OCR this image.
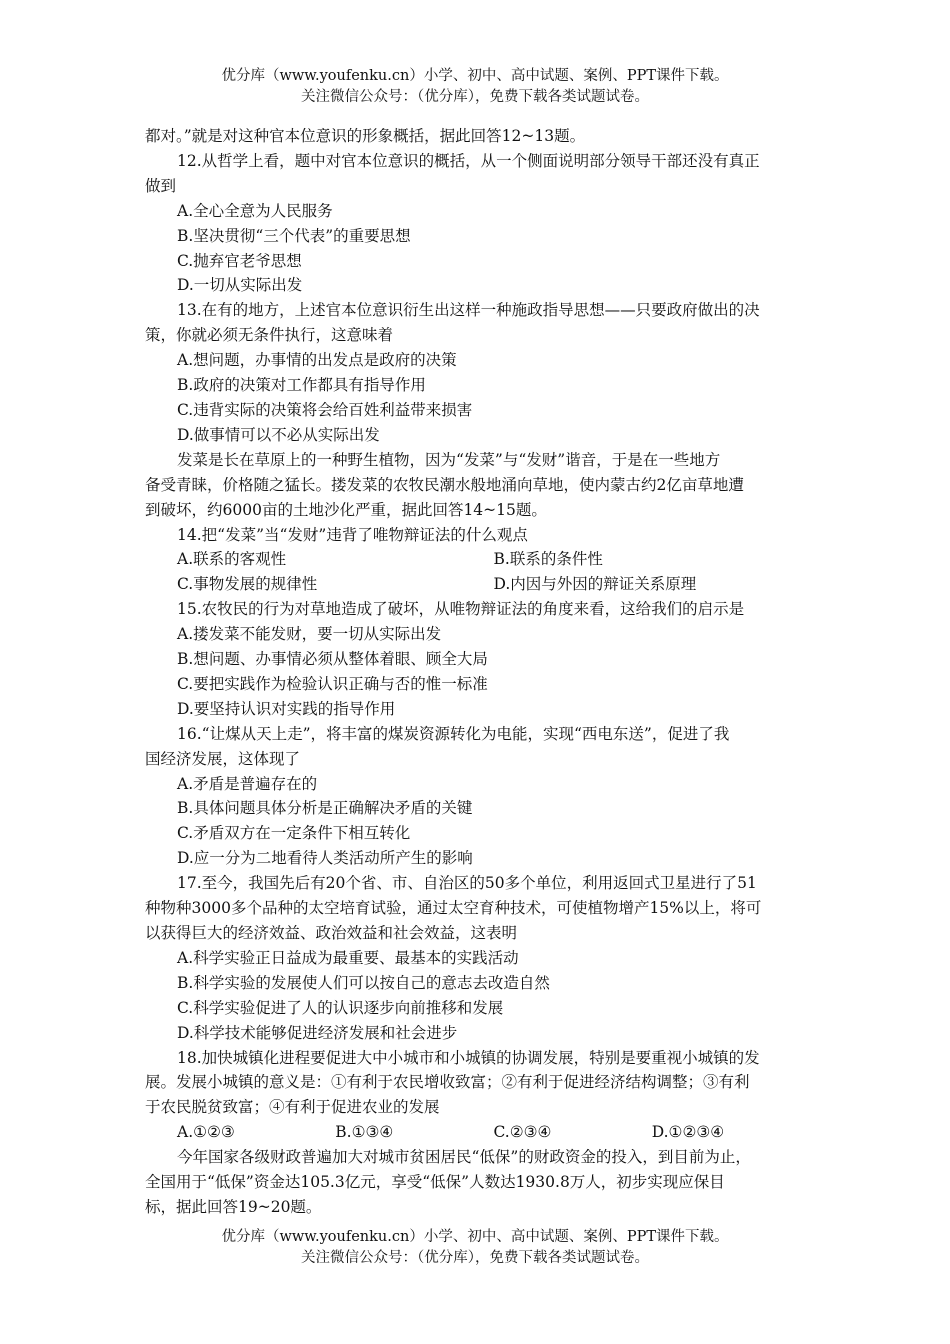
优分库（www.youfenku.cn）小学、初中、高中试题、案例、PPT课件下载。
关注微信公众号：（优分库），免费下载各类试题试卷。

都对。”就是对这种官本位意识的形象概括，据此回答12~13题。

12.从哲学上看，题中对官本位意识的概括，从一个侧面说明部分领导干部还没有真正

做到

A.全心全意为人民服务

B.坚决贯彻“三个代表”的重要思想

C.抛弃官老爷思想

D.一切从实际出发

13.在有的地方，上述官本位意识衍生出这样一种施政指导思想——只要政府做出的决

策，你就必须无条件执行，这意味着

A.想问题，办事情的出发点是政府的决策

B.政府的决策对工作都具有指导作用

C.违背实际的决策将会给百姓利益带来损害

D.做事情可以不必从实际出发

发菜是长在草原上的一种野生植物，因为“发菜”与“发财”谐音，于是在一些地方

备受青睐，价格随之猛长。搂发菜的农牧民潮水般地涌向草地，使内蒙古约2亿亩草地遭

到破坏，约6000亩的土地沙化严重，据此回答14~15题。

14.把“发菜”当“发财”违背了唯物辩证法的什么观点

A.联系的客观性	B.联系的条件性
C.事物发展的规律性	D.内因与外因的辩证关系原理

15.农牧民的行为对草地造成了破坏，从唯物辩证法的角度来看，这给我们的启示是

A.搂发菜不能发财，要一切从实际出发

B.想问题、办事情必须从整体着眼、顾全大局

C.要把实践作为检验认识正确与否的惟一标准

D.要坚持认识对实践的指导作用

16.“让煤从天上走”，将丰富的煤炭资源转化为电能，实现“西电东送”，促进了我

国经济发展，这体现了

A.矛盾是普遍存在的

B.具体问题具体分析是正确解决矛盾的关键

C.矛盾双方在一定条件下相互转化

D.应一分为二地看待人类活动所产生的影响

17.至今，我国先后有20个省、市、自治区的50多个单位，利用返回式卫星进行了51

种物种3000多个品种的太空培育试验，通过太空育种技术，可使植物增产15%以上，将可

以获得巨大的经济效益、政治效益和社会效益，这表明

A.科学实验正日益成为最重要、最基本的实践活动

B.科学实验的发展使人们可以按自己的意志去改造自然

C.科学实验促进了人的认识逐步向前推移和发展

D.科学技术能够促进经济发展和社会进步

18.加快城镇化进程要促进大中小城市和小城镇的协调发展，特别是要重视小城镇的发

展。发展小城镇的意义是：①有利于农民增收致富；②有利于促进经济结构调整；③有利

于农民脱贫致富；④有利于促进农业的发展

A.①②③	B.①③④	C.②③④	D.①②③④

今年国家各级财政普遍加大对城市贫困居民“低保”的财政资金的投入，到目前为止，

全国用于“低保”资金达105.3亿元，享受“低保”人数达1930.8万人，初步实现应保目

标，据此回答19~20题。

优分库（www.youfenku.cn）小学、初中、高中试题、案例、PPT课件下载。
关注微信公众号：（优分库），免费下载各类试题试卷。
